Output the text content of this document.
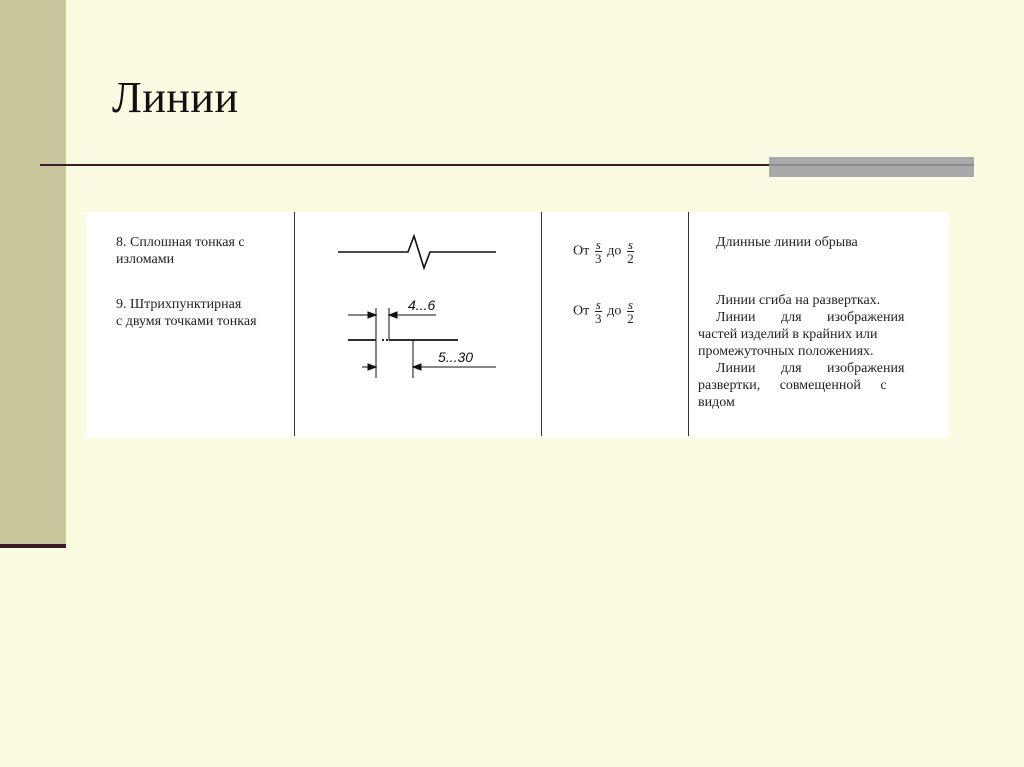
Линии
8. Сплошная тонкая с
изломами
9. Штрихпунктирная
с двумя точками тонкая
4...6
5...30
От $\frac{s}{3}$ до $\frac{s}{2}$
От $\frac{s}{3}$ до $\frac{s}{2}$
Длинные линии обрыва
Линии сгиба на развертках.
Линии для изображения
частей изделий в крайних или
промежуточных положениях.
Линии для изображения
развертки, совмещенной с
видом
